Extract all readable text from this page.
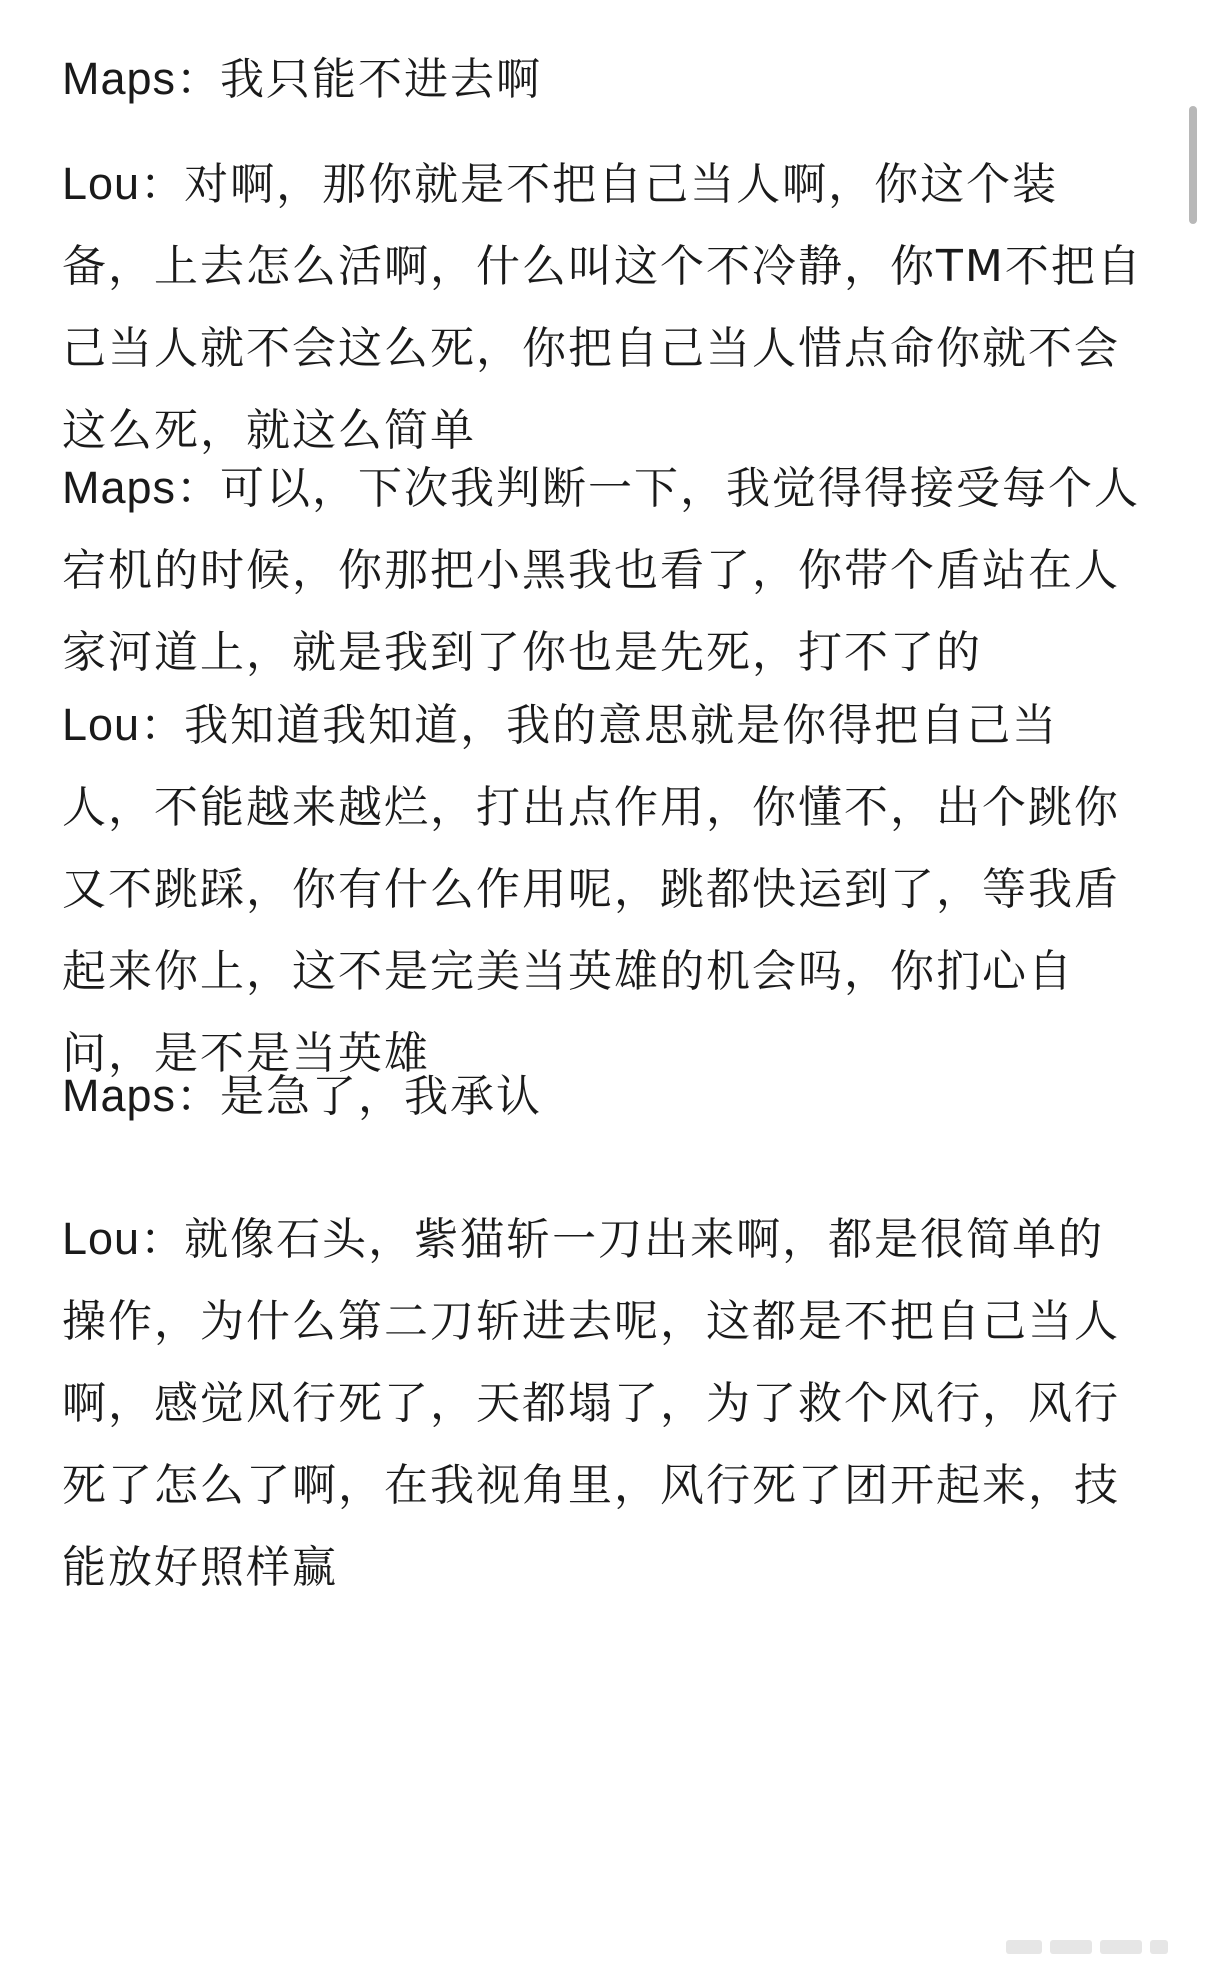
Maps：我只能不进去啊

Lou：对啊，那你就是不把自己当人啊，你这个装备，上去怎么活啊，什么叫这个不冷静，你TM不把自己当人就不会这么死，你把自己当人惜点命你就不会这么死，就这么简单

Maps：可以，下次我判断一下，我觉得得接受每个人宕机的时候，你那把小黑我也看了，你带个盾站在人家河道上，就是我到了你也是先死，打不了的

Lou：我知道我知道，我的意思就是你得把自己当人，不能越来越烂，打出点作用，你懂不，出个跳你又不跳踩，你有什么作用呢，跳都快运到了，等我盾起来你上，这不是完美当英雄的机会吗，你扪心自问，是不是当英雄

Maps：是急了，我承认

Lou：就像石头，紫猫斩一刀出来啊，都是很简单的操作，为什么第二刀斩进去呢，这都是不把自己当人啊，感觉风行死了，天都塌了，为了救个风行，风行死了怎么了啊，在我视角里，风行死了团开起来，技能放好照样赢
